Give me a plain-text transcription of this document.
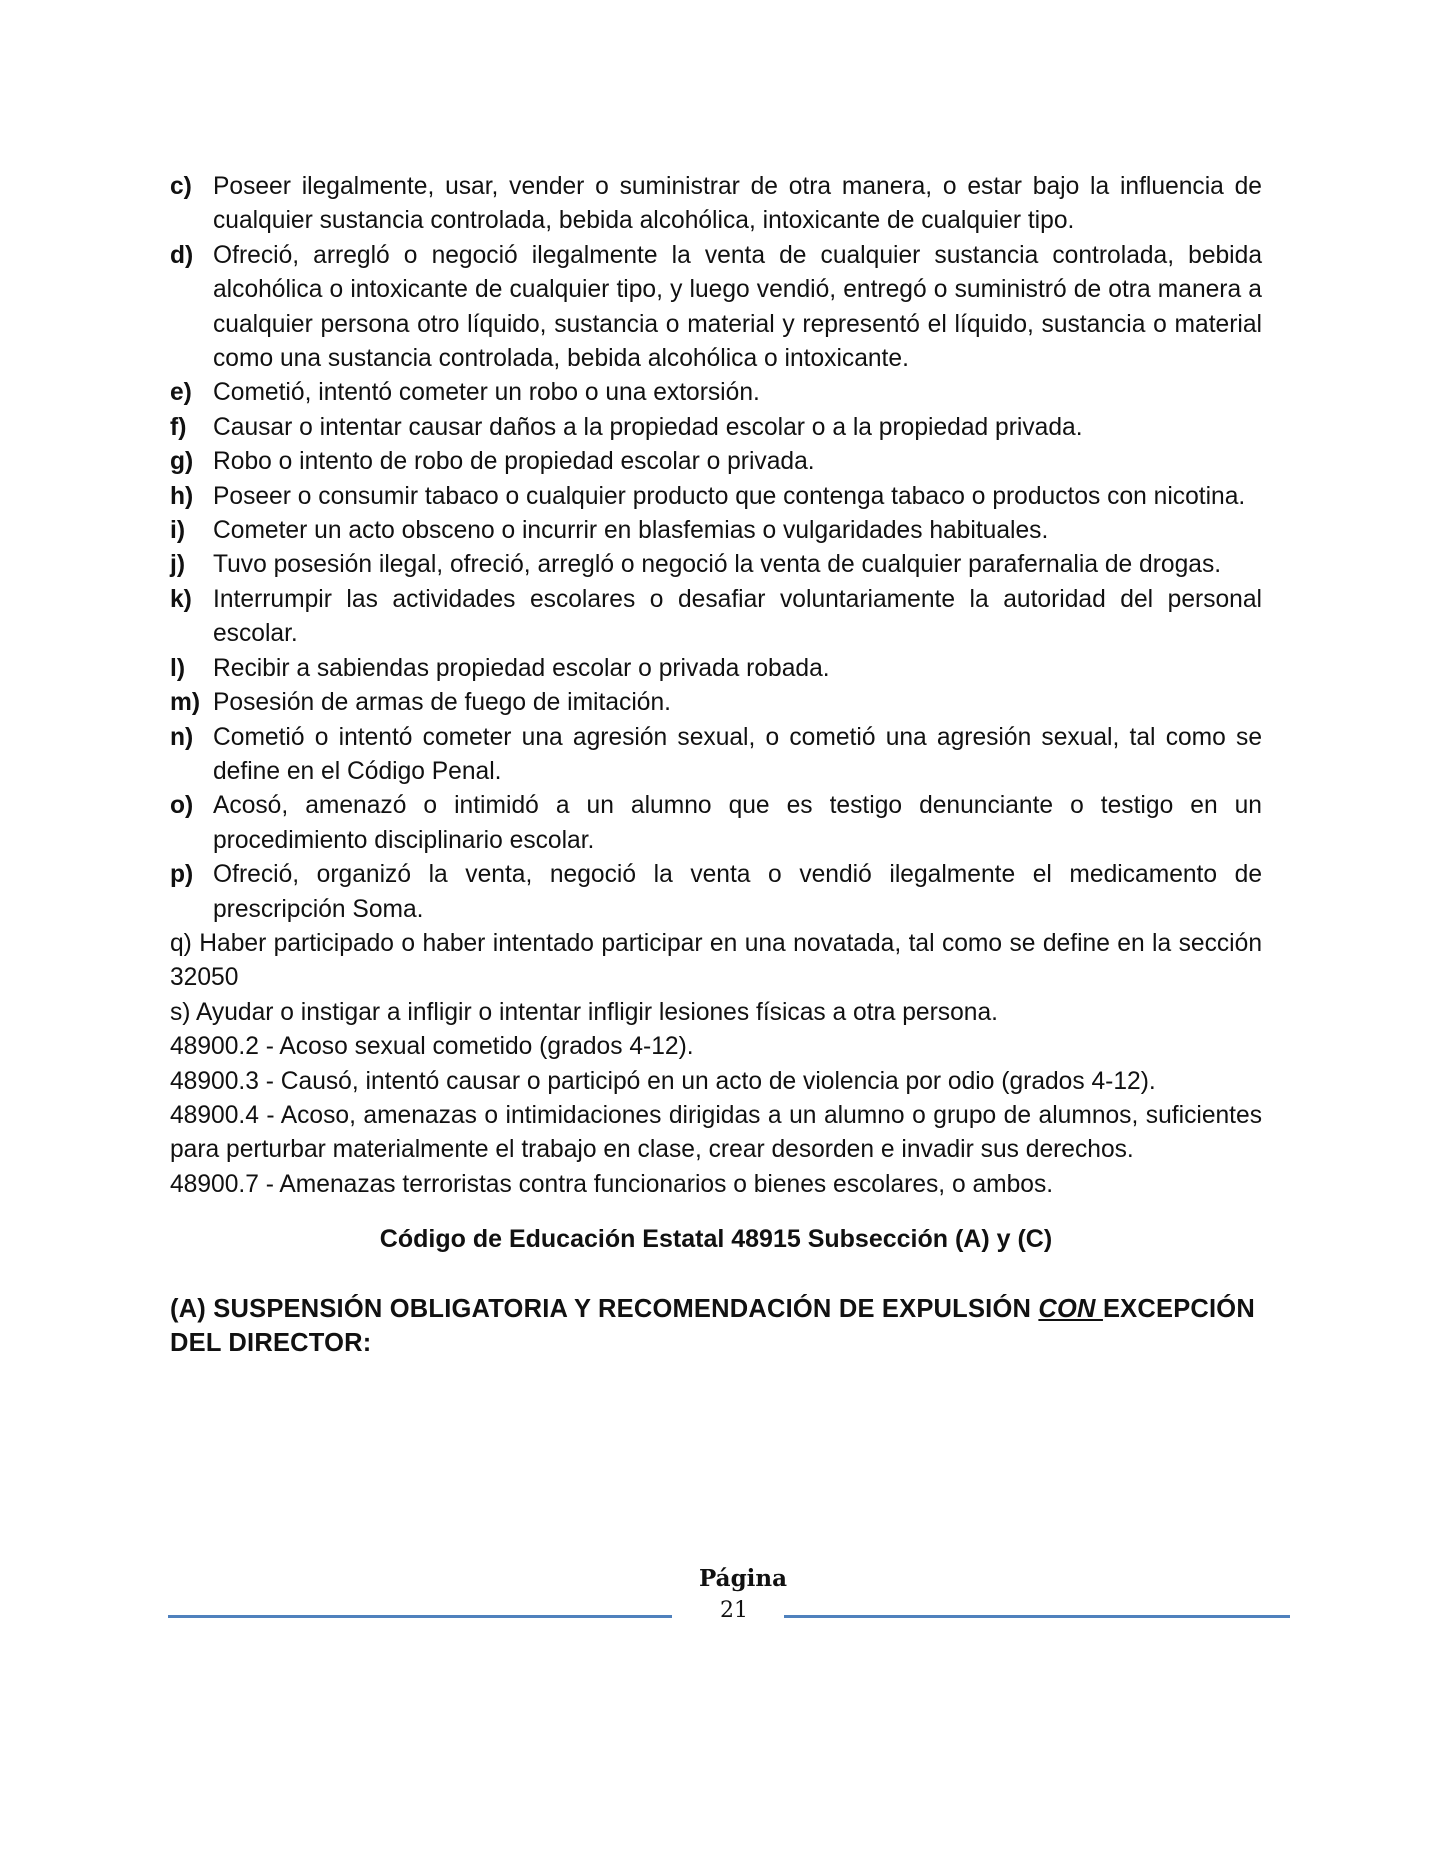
c) Poseer ilegalmente, usar, vender o suministrar de otra manera, o estar bajo la influencia de cualquier sustancia controlada, bebida alcohólica, intoxicante de cualquier tipo.
d) Ofreció, arregló o negoció ilegalmente la venta de cualquier sustancia controlada, bebida alcohólica o intoxicante de cualquier tipo, y luego vendió, entregó o suministró de otra manera a cualquier persona otro líquido, sustancia o material y representó el líquido, sustancia o material como una sustancia controlada, bebida alcohólica o intoxicante.
e) Cometió, intentó cometer un robo o una extorsión.
f)	Causar o intentar causar daños a la propiedad escolar o a la propiedad privada.
g) Robo o intento de robo de propiedad escolar o privada.
h) Poseer o consumir tabaco o cualquier producto que contenga tabaco o productos con nicotina.
i)	Cometer un acto obsceno o incurrir en blasfemias o vulgaridades habituales.
j)	Tuvo posesión ilegal, ofreció, arregló o negoció la venta de cualquier parafernalia de drogas.
k) Interrumpir las actividades escolares o desafiar voluntariamente la autoridad del personal escolar.
l)	Recibir a sabiendas propiedad escolar o privada robada.
m) Posesión de armas de fuego de imitación.
n) Cometió o intentó cometer una agresión sexual, o cometió una agresión sexual, tal como se define en el Código Penal.
o) Acosó, amenazó o intimidó a un alumno que es testigo denunciante o testigo en un procedimiento disciplinario escolar.
p) Ofreció, organizó la venta, negoció la venta o vendió ilegalmente el medicamento de prescripción Soma.
q) Haber participado o haber intentado participar en una novatada, tal como se define en la sección 32050
s) Ayudar o instigar a infligir o intentar infligir lesiones físicas a otra persona.
48900.2 - Acoso sexual cometido (grados 4-12).
48900.3 - Causó, intentó causar o participó en un acto de violencia por odio (grados 4-12).
48900.4 - Acoso, amenazas o intimidaciones dirigidas a un alumno o grupo de alumnos, suficientes para perturbar materialmente el trabajo en clase, crear desorden e invadir sus derechos.
48900.7 - Amenazas terroristas contra funcionarios o bienes escolares, o ambos.
Código de Educación Estatal 48915 Subsección (A) y (C)
(A) SUSPENSIÓN OBLIGATORIA Y RECOMENDACIÓN DE EXPULSIÓN CON EXCEPCIÓN DEL DIRECTOR:
Página
21
